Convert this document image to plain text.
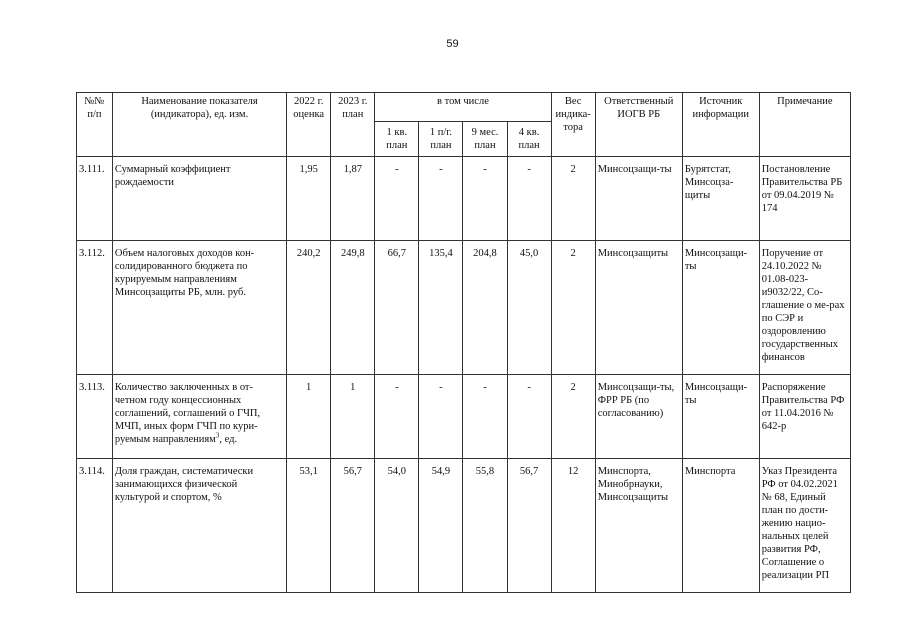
59
№№ п/п	Наименование показателя (индикатора), ед. изм.	2022 г. оценка	2023 г. план	в том числе				Вес индика-тора	Ответственный ИОГВ РБ	Источник информации	Примечание
				1 кв. план	1 п/г. план	9 мес. план	4 кв. план				
3.111.	Суммарный коэффициент рождаемости	1,95	1,87	-	-	-	-	2	Минсоцзащи-ты	Бурятстат, Минсоцза-щиты	Постановление Правительства РБ от 09.04.2019 № 174
3.112.	Объем налоговых доходов кон-солидированного бюджета по курируемым направлениям Минсоцзащиты РБ, млн. руб.	240,2	249,8	66,7	135,4	204,8	45,0	2	Минсоцзащиты	Минсоцзащи-ты	Поручение от 24.10.2022 № 01.08-023-и9032/22, Со-глашение о ме-рах по СЭР и оздоровлению государственных финансов
3.113.	Количество заключенных в от-четном году концессионных соглашений, соглашений о ГЧП, МЧП, иных форм ГЧП по кури-руемым направлениям$^3$, ед.	1	1	-	-	-	-	2	Минсоцзащи-ты, ФРР РБ (по согласованию)	Минсоцзащи-ты	Распоряжение Правительства РФ от 11.04.2016 № 642-р
3.114.	Доля граждан, систематически занимающихся физической культурой и спортом, %	53,1	56,7	54,0	54,9	55,8	56,7	12	Минспорта, Минобрнауки, Минсоцзащиты	Минспорта	Указ Президента РФ от 04.02.2021 № 68, Единый план по дости-жению нацио-нальных целей развития РФ, Соглашение о реализации РП
